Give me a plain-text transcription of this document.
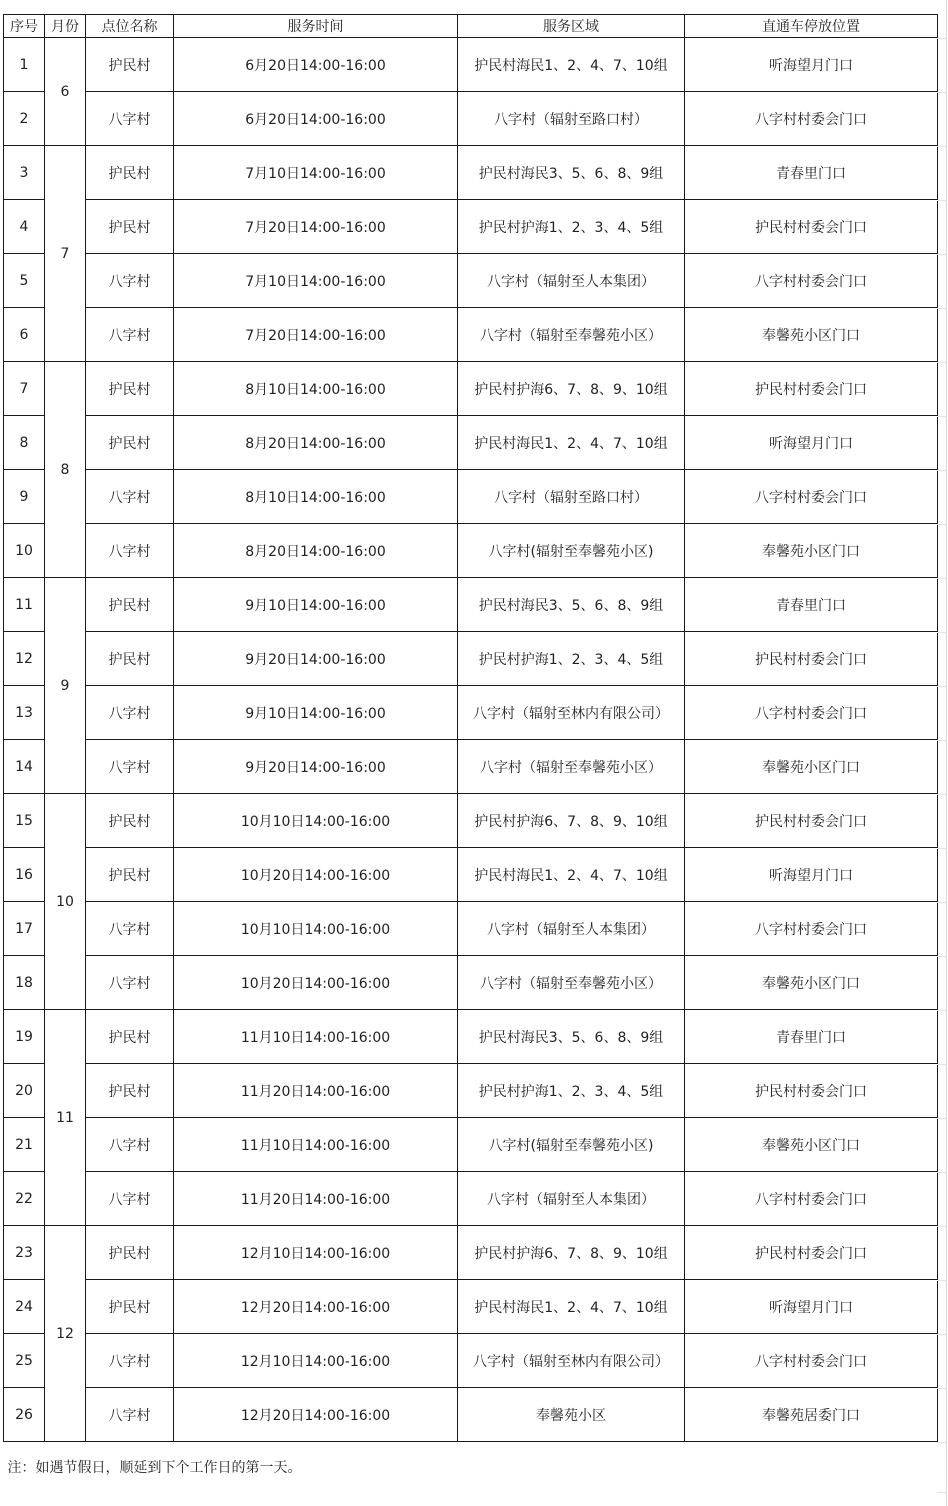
序号	月份	点位名称	服务时间	服务区域	直通车停放位置
1	6	护民村	6月20日14:00-16:00	护民村海民1、2、4、7、10组	听海望月门口
2		八字村	6月20日14:00-16:00	八字村（辐射至路口村）	八字村村委会门口
3	7	护民村	7月10日14:00-16:00	护民村海民3、5、6、8、9组	青春里门口
4		护民村	7月20日14:00-16:00	护民村护海1、2、3、4、5组	护民村村委会门口
5		八字村	7月10日14:00-16:00	八字村（辐射至人本集团）	八字村村委会门口
6		八字村	7月20日14:00-16:00	八字村（辐射至奉馨苑小区）	奉馨苑小区门口
7	8	护民村	8月10日14:00-16:00	护民村护海6、7、8、9、10组	护民村村委会门口
8		护民村	8月20日14:00-16:00	护民村海民1、2、4、7、10组	听海望月门口
9		八字村	8月10日14:00-16:00	八字村（辐射至路口村）	八字村村委会门口
10		八字村	8月20日14:00-16:00	八字村(辐射至奉馨苑小区)	奉馨苑小区门口
11	9	护民村	9月10日14:00-16:00	护民村海民3、5、6、8、9组	青春里门口
12		护民村	9月20日14:00-16:00	护民村护海1、2、3、4、5组	护民村村委会门口
13		八字村	9月10日14:00-16:00	八字村（辐射至林内有限公司）	八字村村委会门口
14		八字村	9月20日14:00-16:00	八字村（辐射至奉馨苑小区）	奉馨苑小区门口
15	10	护民村	10月10日14:00-16:00	护民村护海6、7、8、9、10组	护民村村委会门口
16		护民村	10月20日14:00-16:00	护民村海民1、2、4、7、10组	听海望月门口
17		八字村	10月10日14:00-16:00	八字村（辐射至人本集团）	八字村村委会门口
18		八字村	10月20日14:00-16:00	八字村（辐射至奉馨苑小区）	奉馨苑小区门口
19	11	护民村	11月10日14:00-16:00	护民村海民3、5、6、8、9组	青春里门口
20		护民村	11月20日14:00-16:00	护民村护海1、2、3、4、5组	护民村村委会门口
21		八字村	11月10日14:00-16:00	八字村(辐射至奉馨苑小区)	奉馨苑小区门口
22		八字村	11月20日14:00-16:00	八字村（辐射至人本集团）	八字村村委会门口
23	12	护民村	12月10日14:00-16:00	护民村护海6、7、8、9、10组	护民村村委会门口
24		护民村	12月20日14:00-16:00	护民村海民1、2、4、7、10组	听海望月门口
25		八字村	12月10日14:00-16:00	八字村（辐射至林内有限公司）	八字村村委会门口
26		八字村	12月20日14:00-16:00	奉馨苑小区	奉馨苑居委门口
注：如遇节假日，顺延到下个工作日的第一天。					
